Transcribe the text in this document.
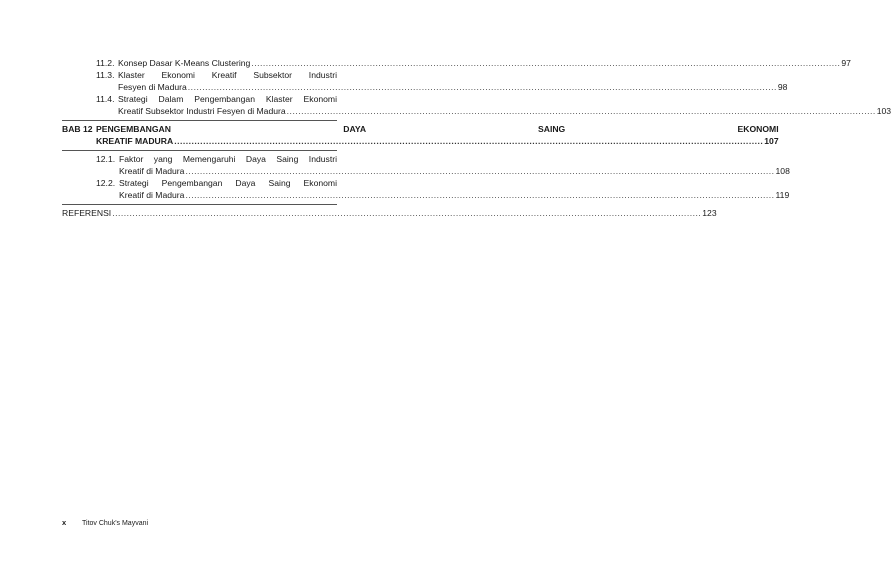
11.2. Konsep Dasar K-Means Clustering .....	97
11.3. Klaster Ekonomi Kreatif Subsektor Industri
Fesyen di Madura .....	98
11.4. Strategi Dalam Pengembangan Klaster Ekonomi
Kreatif Subsektor Industri Fesyen di Madura .....	103
BAB 12 PENGEMBANGAN DAYA SAING EKONOMI
KREATIF MADURA .....	107
12.1. Faktor yang Memengaruhi Daya Saing Industri
Kreatif di Madura .....	108
12.2. Strategi Pengembangan Daya Saing Ekonomi
Kreatif di Madura .....	119
REFERENSI .....	123
x	Titov Chuk's Mayvani
